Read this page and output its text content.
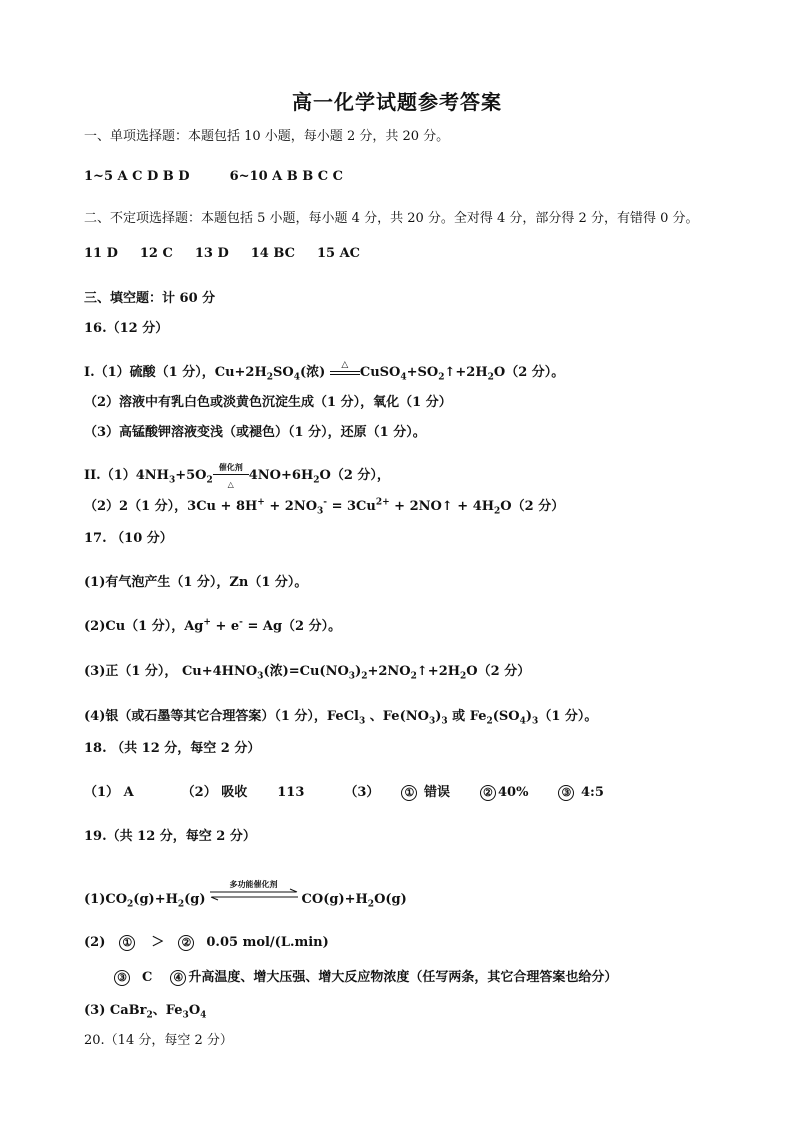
高一化学试题参考答案
一、单项选择题：本题包括 10 小题，每小题 2 分，共 20 分。
1~5 A C D B D	6~10 A B B C C
二、不定项选择题：本题包括 5 小题，每小题 4 分，共 20 分。全对得 4 分，部分得 2 分，有错得 0 分。
11 D 12 C 13 D 14 BC 15 AC
三、填空题：计 60 分
16.（12 分）
I.（1）硫酸（1 分），$Cu+2H_2SO_4$(浓)	△ $CuSO_4+SO_2↑+2H_2O(2$ 分）。
（2）溶液中有乳白色或淡黄色沉淀生成（1 分），氧化（1 分）
（3）高锰酸钾溶液变浅（或褪色）（1 分），还原（1 分）。
$II.(1)4NH_3+5O_2$
催化剂
△
$4NO+6H_2O(2$ 分），
（2）2（1 分），$3Cu + 8H^+ + 2NO_3^- = 3Cu^{2+}$ + 2NO↑ + $4H_2O(2$ 分）
17. （10 分）
(1)有气泡产生（1 分），Zn（1 分）。
(2)Cu（1 分），Ag+ + e- = Ag（2 分）。
(3)正（1 分）， $Cu+4HNO_3$(浓)$=Cu(NO_3)_2+2NO_2↑+2H_2O(2$ 分）
(4)银（或石墨等其它合理答案）（1 分），FeCl$_3$ 、$Fe(NO_3)_3$ 或 $Fe_2(SO_4)_3(1$ 分）。
18. （共 12 分，每空 2 分）
（1） A	（2） 吸收 113	（3） ① 错误	② 40%	③ 4:5
19.（共 12 分，每空 2 分）
$(1)CO_2(g)+H_2(g)$
多功能催化剂
$CO(g)+H_2O(g)$
(2) ① ＞ ② 0.05 mol/(L.min)
③ C ④ 升高温度、增大压强、增大反应物浓度（任写两条，其它合理答案也给分）
(3) CaBr$_2$、$Fe_3O_4$
20.（14 分，每空 2 分）
